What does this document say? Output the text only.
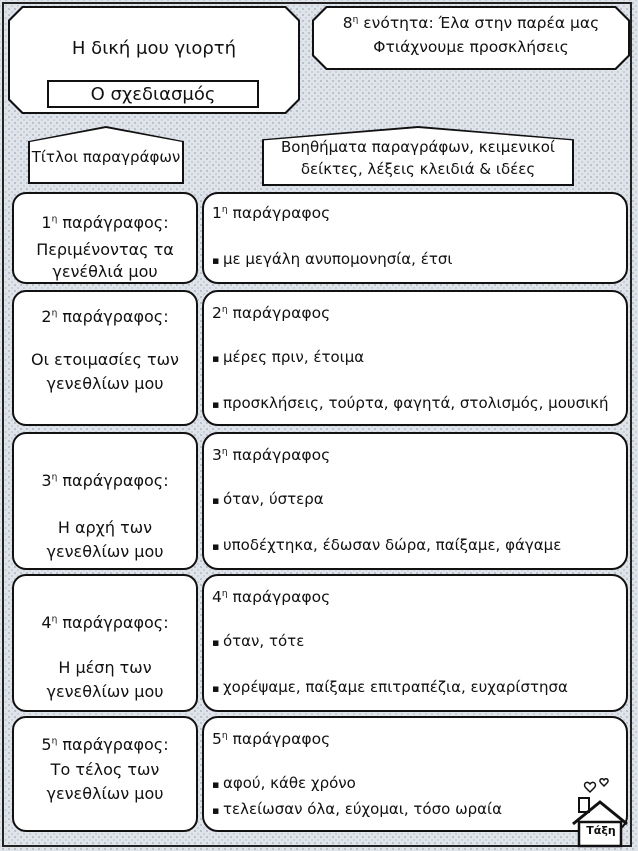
Η δική μου γιορτή
Ο σχεδιασμός
$8^\eta$ ενότητα: Έλα στην παρέα μας
Φτιάχνουμε προσκλήσεις
Τίτλοι παραγράφων
Βοηθήματα παραγράφων, κειμενικοί
δείκτες, λέξεις κλειδιά & ιδέες
$1^\eta$ παράγραφος:
Περιμένοντας τα
γενέθλιά μου
$1^\eta$ παράγραφος
▪ με μεγάλη ανυπομονησία, έτσι
$2^\eta$ παράγραφος:
Οι ετοιμασίες των
γενεθλίων μου
$2^\eta$ παράγραφος
▪ μέρες πριν, έτοιμα
▪ προσκλήσεις, τούρτα, φαγητά, στολισμός, μουσική
$3^\eta$ παράγραφος:
Η αρχή των
γενεθλίων μου
$3^\eta$ παράγραφος
▪ όταν, ύστερα
▪ υποδέχτηκα, έδωσαν δώρα, παίξαμε, φάγαμε
$4^\eta$ παράγραφος:
Η μέση των
γενεθλίων μου
$4^\eta$ παράγραφος
▪ όταν, τότε
▪ χορέψαμε, παίξαμε επιτραπέζια, ευχαρίστησα
$5^\eta$ παράγραφος:
Το τέλος των
γενεθλίων μου
$5^\eta$ παράγραφος
▪ αφού, κάθε χρόνο
▪ τελείωσαν όλα, εύχομαι, τόσο ωραία
Τάξη
